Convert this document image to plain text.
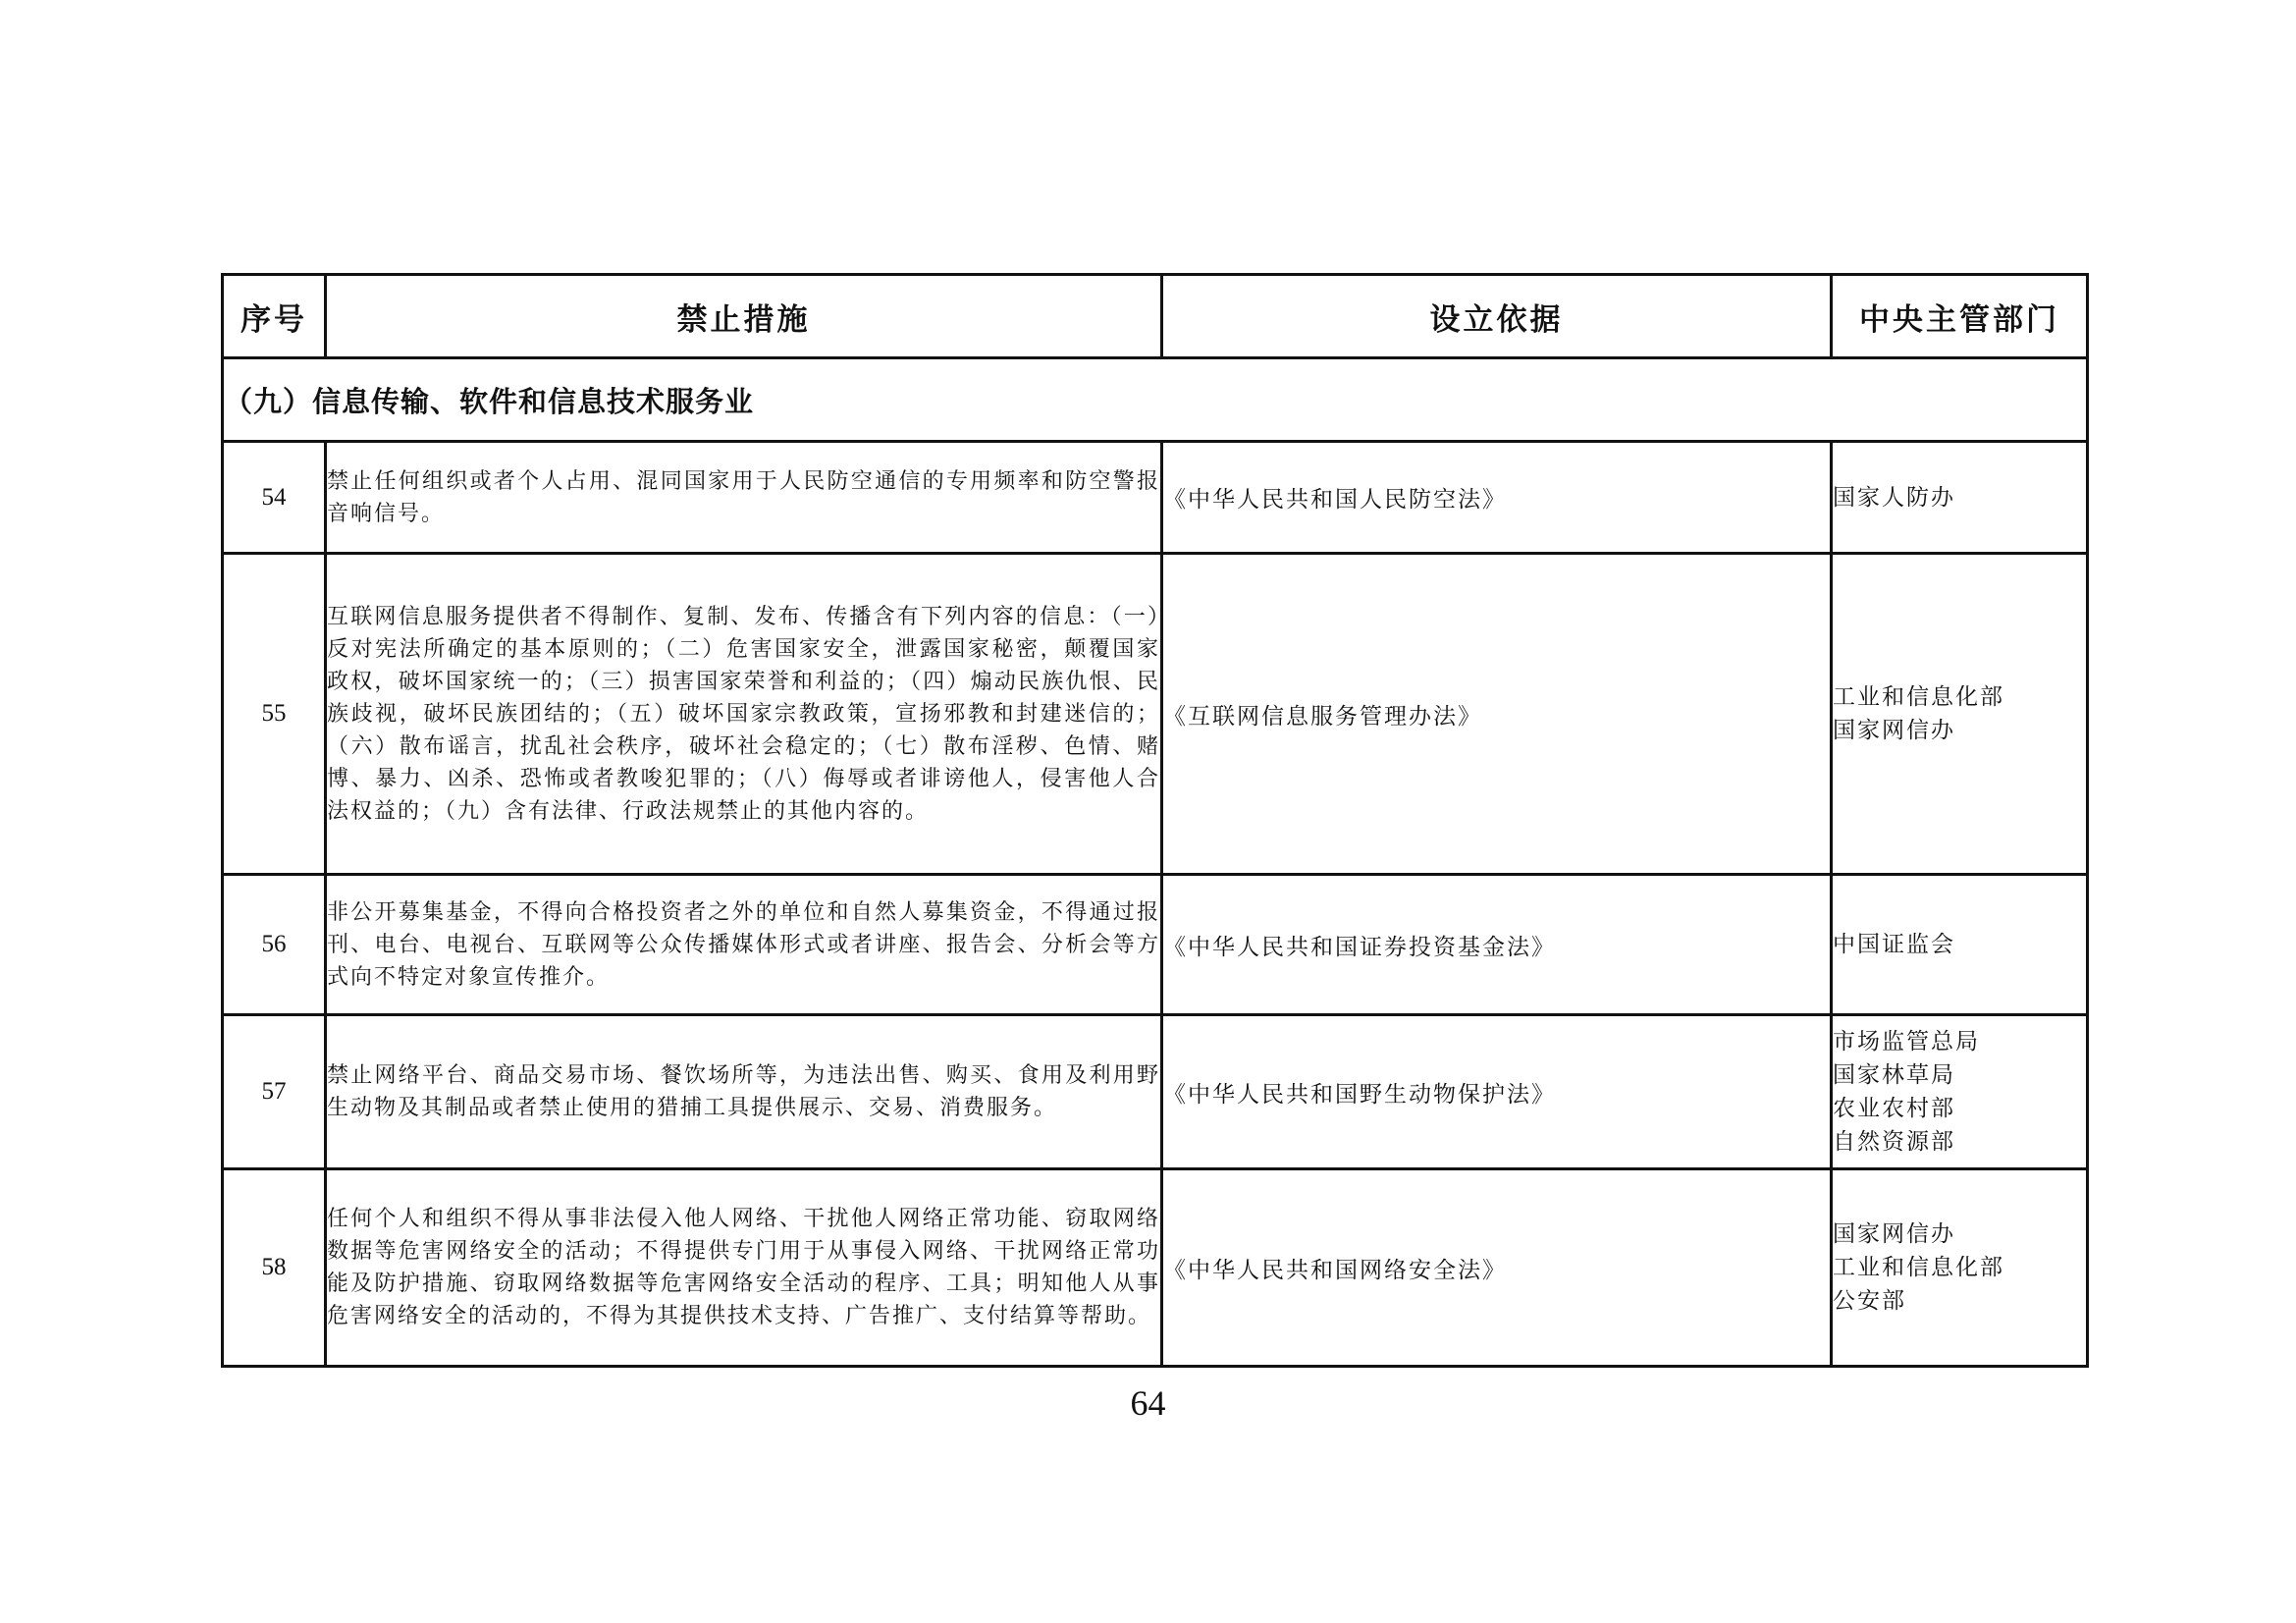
序号	禁止措施	设立依据	中央主管部门
（九）信息传输、软件和信息技术服务业			
54	禁止任何组织或者个人占用、混同国家用于人民防空通信的专用频率和防空警报音响信号。	《中华人民共和国人民防空法》	国家人防办

55	互联网信息服务提供者不得制作、复制、发布、传播含有下列内容的信息：（一）反对宪法所确定的基本原则的；（二）危害国家安全，泄露国家秘密，颠覆国家政权，破坏国家统一的；（三）损害国家荣誉和利益的；（四）煽动民族仇恨、民族歧视，破坏民族团结的；（五）破坏国家宗教政策，宣扬邪教和封建迷信的；（六）散布谣言，扰乱社会秩序，破坏社会稳定的；（七）散布淫秽、色情、赌博、暴力、凶杀、恐怖或者教唆犯罪的；（八）侮辱或者诽谤他人，侵害他人合法权益的；（九）含有法律、行政法规禁止的其他内容的。	《互联网信息服务管理办法》	工业和信息化部
国家网信办

56	非公开募集基金，不得向合格投资者之外的单位和自然人募集资金，不得通过报刊、电台、电视台、互联网等公众传播媒体形式或者讲座、报告会、分析会等方式向不特定对象宣传推介。	《中华人民共和国证券投资基金法》	中国证监会

57	禁止网络平台、商品交易市场、餐饮场所等，为违法出售、购买、食用及利用野生动物及其制品或者禁止使用的猎捕工具提供展示、交易、消费服务。	《中华人民共和国野生动物保护法》	市场监管总局
国家林草局
农业农村部
自然资源部

58	任何个人和组织不得从事非法侵入他人网络、干扰他人网络正常功能、窃取网络数据等危害网络安全的活动；不得提供专门用于从事侵入网络、干扰网络正常功能及防护措施、窃取网络数据等危害网络安全活动的程序、工具；明知他人从事危害网络安全的活动的，不得为其提供技术支持、广告推广、支付结算等帮助。	《中华人民共和国网络安全法》	国家网信办
工业和信息化部
公安部
64
